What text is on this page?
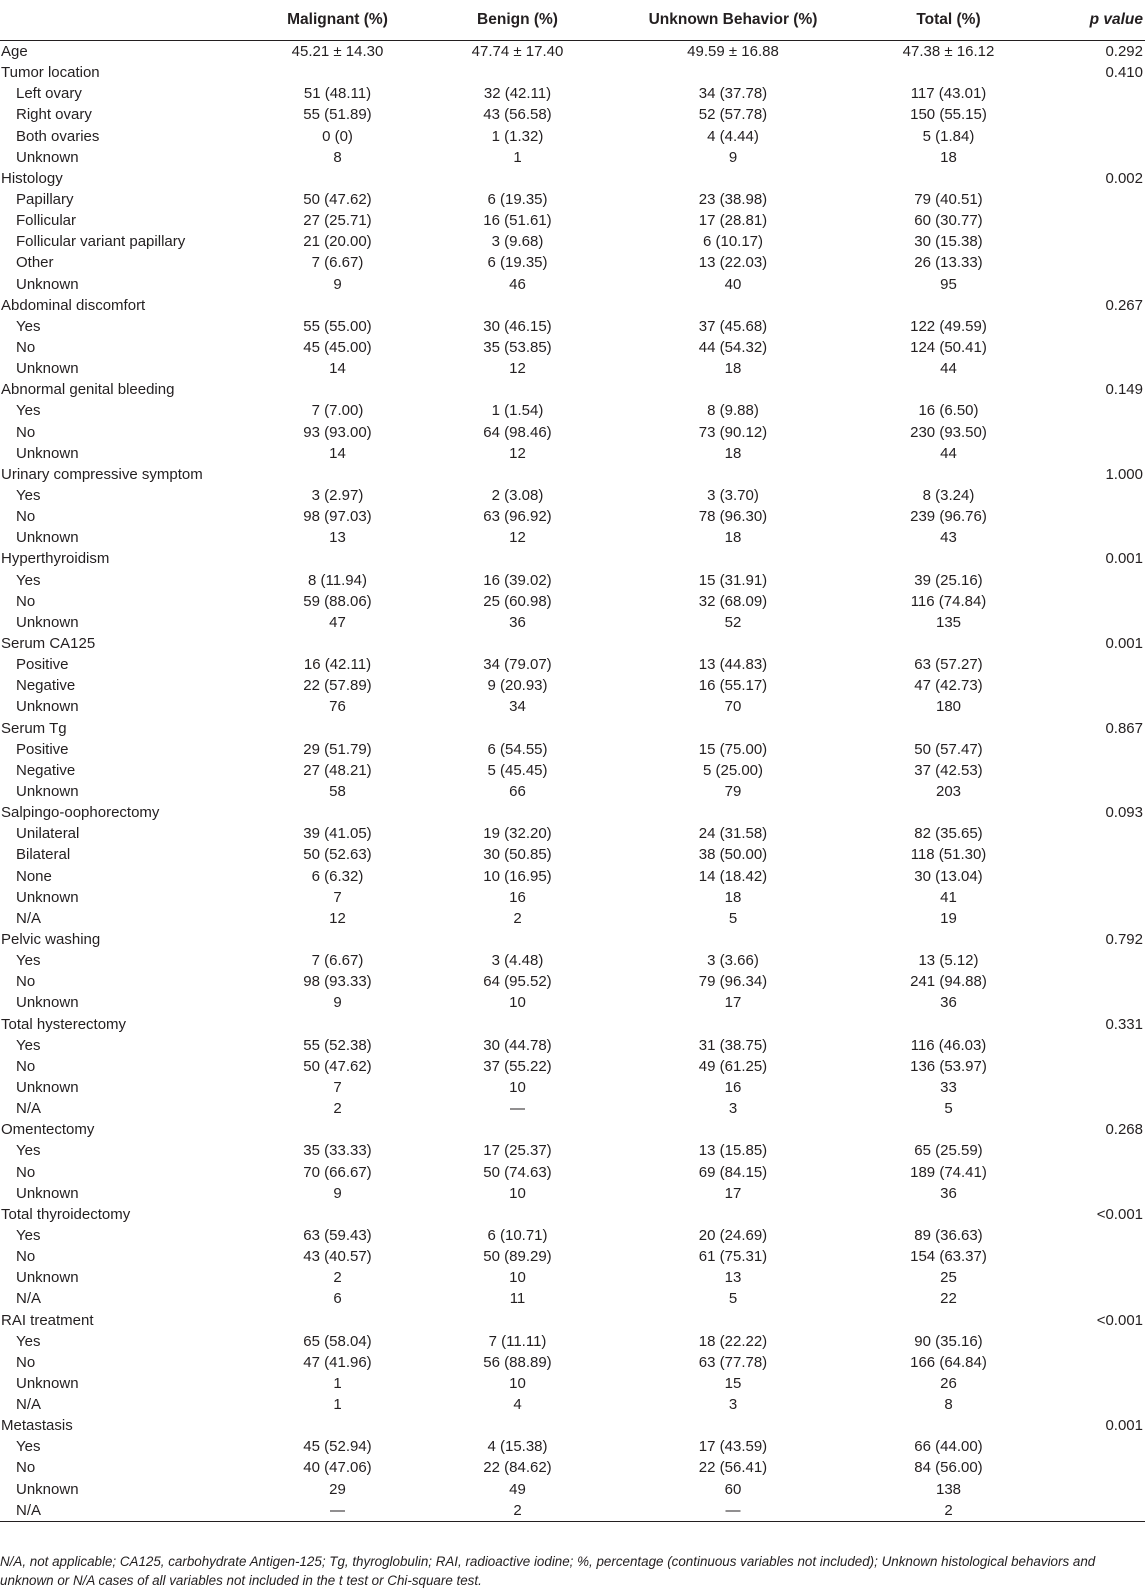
	Malignant (%)	Benign (%)	Unknown Behavior (%)	Total (%)	p value
Age	45.21 ± 14.30	47.74 ± 17.40	49.59 ± 16.88	47.38 ± 16.12	0.292
Tumor location					0.410
Left ovary	51 (48.11)	32 (42.11)	34 (37.78)	117 (43.01)	
Right ovary	55 (51.89)	43 (56.58)	52 (57.78)	150 (55.15)	
Both ovaries	0 (0)	1 (1.32)	4 (4.44)	5 (1.84)	
Unknown	8	1	9	18	
Histology					0.002
Papillary	50 (47.62)	6 (19.35)	23 (38.98)	79 (40.51)	
Follicular	27 (25.71)	16 (51.61)	17 (28.81)	60 (30.77)	
Follicular variant papillary	21 (20.00)	3 (9.68)	6 (10.17)	30 (15.38)	
Other	7 (6.67)	6 (19.35)	13 (22.03)	26 (13.33)	
Unknown	9	46	40	95	
Abdominal discomfort					0.267
Yes	55 (55.00)	30 (46.15)	37 (45.68)	122 (49.59)	
No	45 (45.00)	35 (53.85)	44 (54.32)	124 (50.41)	
Unknown	14	12	18	44	
Abnormal genital bleeding					0.149
Yes	7 (7.00)	1 (1.54)	8 (9.88)	16 (6.50)	
No	93 (93.00)	64 (98.46)	73 (90.12)	230 (93.50)	
Unknown	14	12	18	44	
Urinary compressive symptom					1.000
Yes	3 (2.97)	2 (3.08)	3 (3.70)	8 (3.24)	
No	98 (97.03)	63 (96.92)	78 (96.30)	239 (96.76)	
Unknown	13	12	18	43	
Hyperthyroidism					0.001
Yes	8 (11.94)	16 (39.02)	15 (31.91)	39 (25.16)	
No	59 (88.06)	25 (60.98)	32 (68.09)	116 (74.84)	
Unknown	47	36	52	135	
Serum CA125					0.001
Positive	16 (42.11)	34 (79.07)	13 (44.83)	63 (57.27)	
Negative	22 (57.89)	9 (20.93)	16 (55.17)	47 (42.73)	
Unknown	76	34	70	180	
Serum Tg					0.867
Positive	29 (51.79)	6 (54.55)	15 (75.00)	50 (57.47)	
Negative	27 (48.21)	5 (45.45)	5 (25.00)	37 (42.53)	
Unknown	58	66	79	203	
Salpingo-oophorectomy					0.093
Unilateral	39 (41.05)	19 (32.20)	24 (31.58)	82 (35.65)	
Bilateral	50 (52.63)	30 (50.85)	38 (50.00)	118 (51.30)	
None	6 (6.32)	10 (16.95)	14 (18.42)	30 (13.04)	
Unknown	7	16	18	41	
N/A	12	2	5	19	
Pelvic washing					0.792
Yes	7 (6.67)	3 (4.48)	3 (3.66)	13 (5.12)	
No	98 (93.33)	64 (95.52)	79 (96.34)	241 (94.88)	
Unknown	9	10	17	36	
Total hysterectomy					0.331
Yes	55 (52.38)	30 (44.78)	31 (38.75)	116 (46.03)	
No	50 (47.62)	37 (55.22)	49 (61.25)	136 (53.97)	
Unknown	7	10	16	33	
N/A	2	—	3	5	
Omentectomy					0.268
Yes	35 (33.33)	17 (25.37)	13 (15.85)	65 (25.59)	
No	70 (66.67)	50 (74.63)	69 (84.15)	189 (74.41)	
Unknown	9	10	17	36	
Total thyroidectomy					<0.001
Yes	63 (59.43)	6 (10.71)	20 (24.69)	89 (36.63)	
No	43 (40.57)	50 (89.29)	61 (75.31)	154 (63.37)	
Unknown	2	10	13	25	
N/A	6	11	5	22	
RAI treatment					<0.001
Yes	65 (58.04)	7 (11.11)	18 (22.22)	90 (35.16)	
No	47 (41.96)	56 (88.89)	63 (77.78)	166 (64.84)	
Unknown	1	10	15	26	
N/A	1	4	3	8	
Metastasis					0.001
Yes	45 (52.94)	4 (15.38)	17 (43.59)	66 (44.00)	
No	40 (47.06)	22 (84.62)	22 (56.41)	84 (56.00)	
Unknown	29	49	60	138	
N/A	—	2	—	2	
N/A, not applicable; CA125, carbohydrate Antigen-125; Tg, thyroglobulin; RAI, radioactive iodine; %, percentage (continuous variables not included); Unknown histological behaviors and unknown or N/A cases of all variables not included in the t test or Chi-square test.
